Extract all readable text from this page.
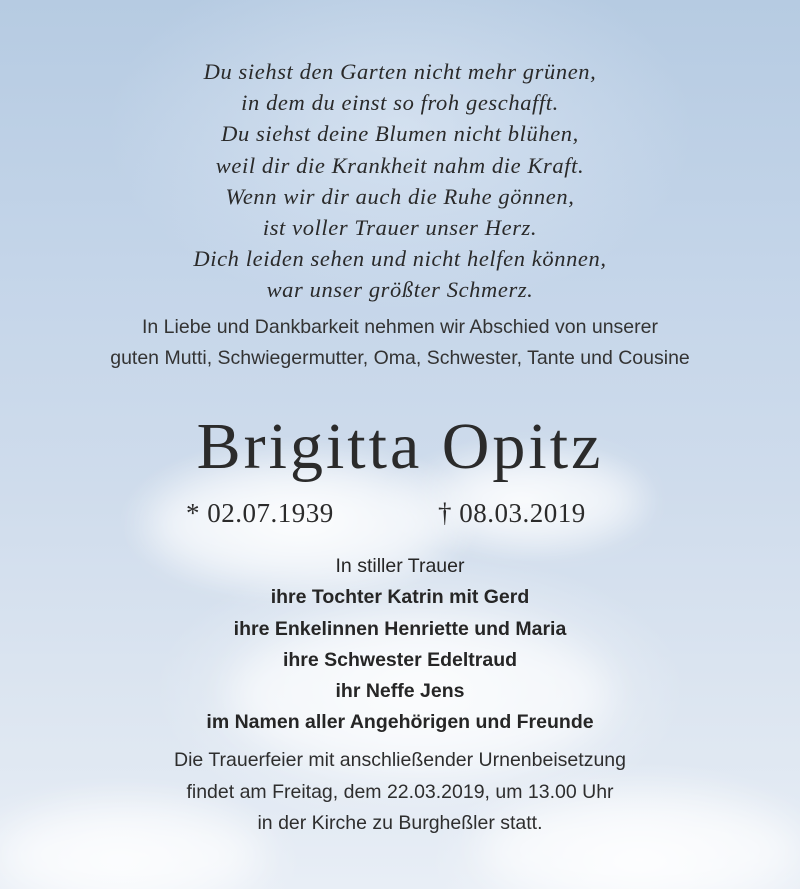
Du siehst den Garten nicht mehr grünen,
in dem du einst so froh geschafft.
Du siehst deine Blumen nicht blühen,
weil dir die Krankheit nahm die Kraft.
Wenn wir dir auch die Ruhe gönnen,
ist voller Trauer unser Herz.
Dich leiden sehen und nicht helfen können,
war unser größter Schmerz.
In Liebe und Dankbarkeit nehmen wir Abschied von unserer
guten Mutti, Schwiegermutter, Oma, Schwester, Tante und Cousine
Brigitta Opitz
* 02.07.1939	† 08.03.2019
In stiller Trauer
ihre Tochter Katrin mit Gerd
ihre Enkelinnen Henriette und Maria
ihre Schwester Edeltraud
ihr Neffe Jens
im Namen aller Angehörigen und Freunde
Die Trauerfeier mit anschließender Urnenbeisetzung
findet am Freitag, dem 22.03.2019, um 13.00 Uhr
in der Kirche zu Burgheßler statt.
